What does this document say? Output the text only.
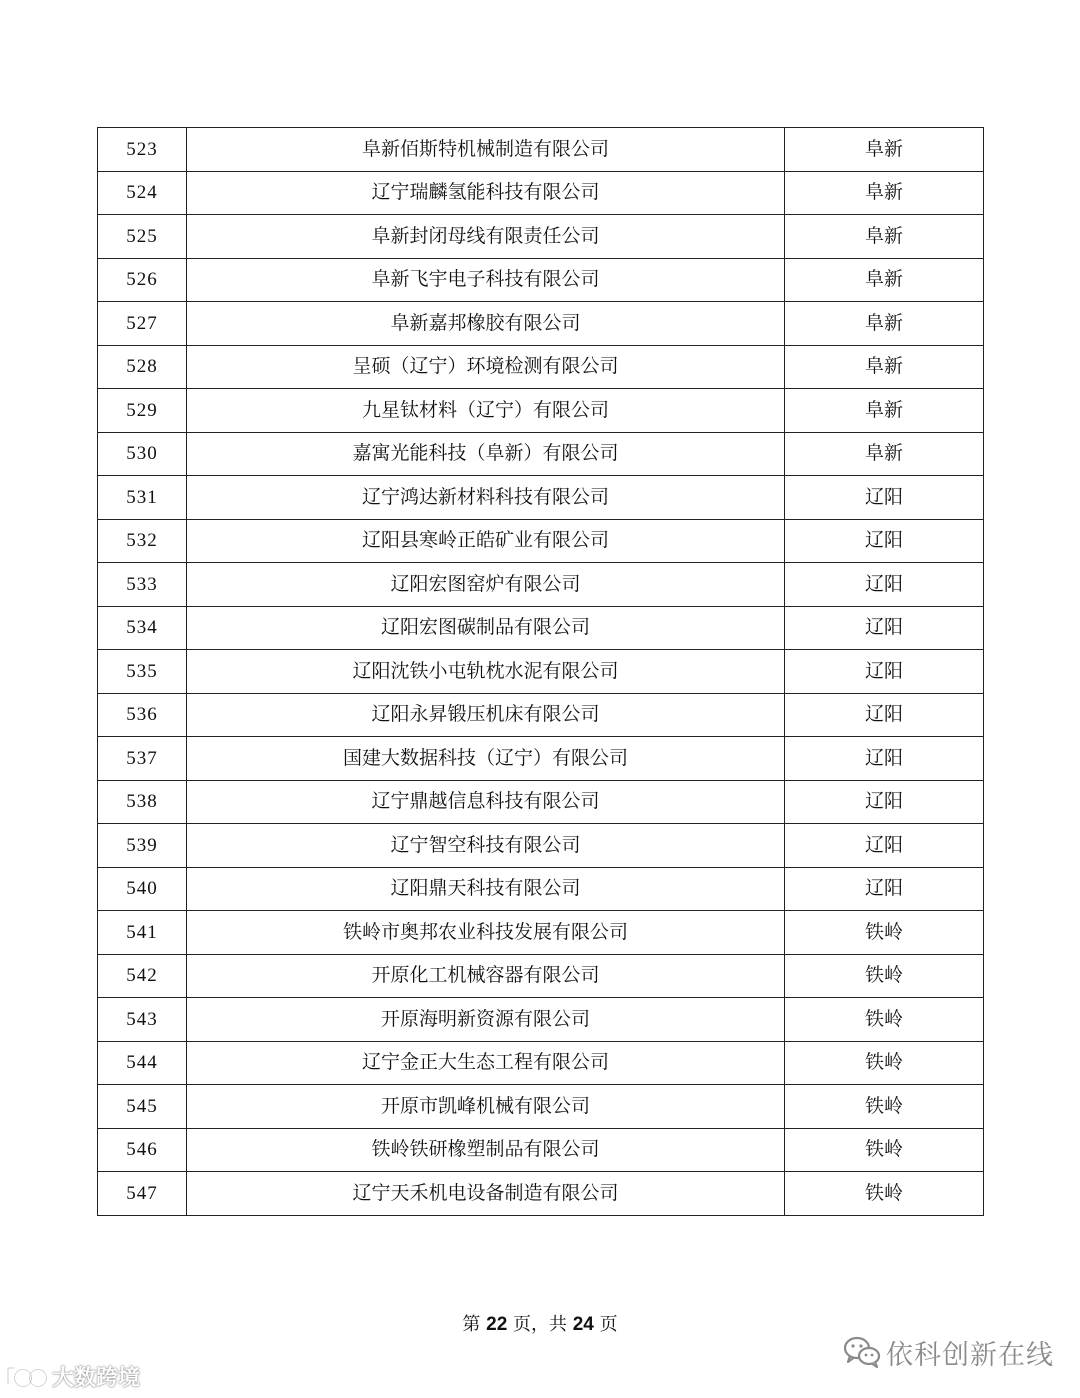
523	阜新佰斯特机械制造有限公司	阜新
524	辽宁瑞麟氢能科技有限公司	阜新
525	阜新封闭母线有限责任公司	阜新
526	阜新飞宇电子科技有限公司	阜新
527	阜新嘉邦橡胶有限公司	阜新
528	呈硕（辽宁）环境检测有限公司	阜新
529	九星钛材料（辽宁）有限公司	阜新
530	嘉寓光能科技（阜新）有限公司	阜新
531	辽宁鸿达新材料科技有限公司	辽阳
532	辽阳县寒岭正皓矿业有限公司	辽阳
533	辽阳宏图窑炉有限公司	辽阳
534	辽阳宏图碳制品有限公司	辽阳
535	辽阳沈铁小屯轨枕水泥有限公司	辽阳
536	辽阳永昇锻压机床有限公司	辽阳
537	国建大数据科技（辽宁）有限公司	辽阳
538	辽宁鼎越信息科技有限公司	辽阳
539	辽宁智空科技有限公司	辽阳
540	辽阳鼎天科技有限公司	辽阳
541	铁岭市奥邦农业科技发展有限公司	铁岭
542	开原化工机械容器有限公司	铁岭
543	开原海明新资源有限公司	铁岭
544	辽宁金正大生态工程有限公司	铁岭
545	开原市凯峰机械有限公司	铁岭
546	铁岭铁研橡塑制品有限公司	铁岭
547	辽宁天禾机电设备制造有限公司	铁岭
第 22 页，共 24 页
依科创新在线
大数跨境
